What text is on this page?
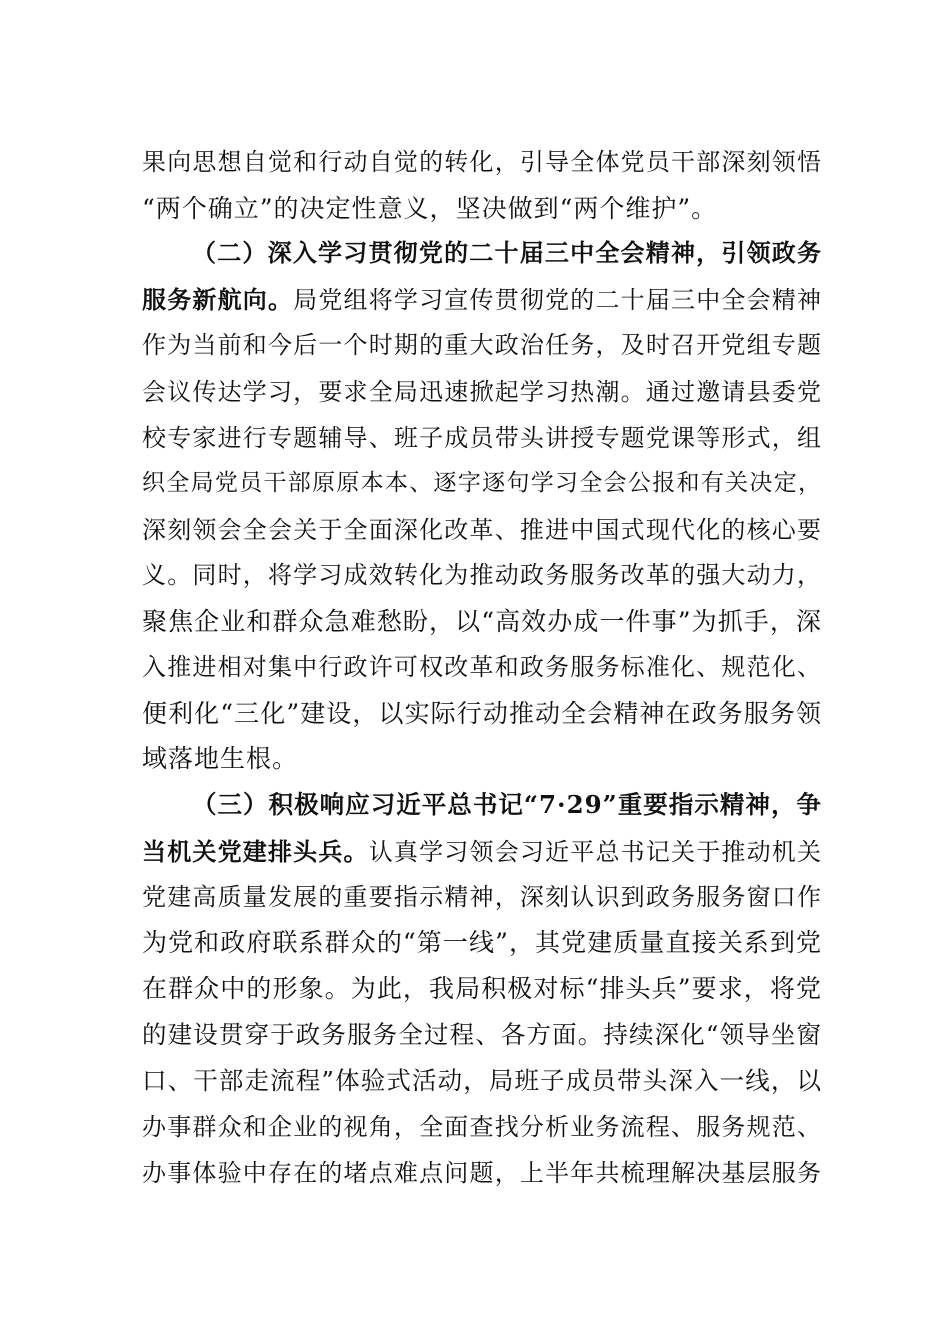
果向思想自觉和行动自觉的转化，引导全体党员干部深刻领悟
“两个确立”的决定性意义，坚决做到“两个维护”。
（二）深入学习贯彻党的二十届三中全会精神，引领政务
服务新航向。局党组将学习宣传贯彻党的二十届三中全会精神
作为当前和今后一个时期的重大政治任务，及时召开党组专题
会议传达学习，要求全局迅速掀起学习热潮。通过邀请县委党
校专家进行专题辅导、班子成员带头讲授专题党课等形式，组
织全局党员干部原原本本、逐字逐句学习全会公报和有关决定，
深刻领会全会关于全面深化改革、推进中国式现代化的核心要
义。同时，将学习成效转化为推动政务服务改革的强大动力，
聚焦企业和群众急难愁盼，以“高效办成一件事”为抓手，深
入推进相对集中行政许可权改革和政务服务标准化、规范化、
便利化“三化”建设，以实际行动推动全会精神在政务服务领
域落地生根。
（三）积极响应习近平总书记“7·29”重要指示精神，争
当机关党建排头兵。认真学习领会习近平总书记关于推动机关
党建高质量发展的重要指示精神，深刻认识到政务服务窗口作
为党和政府联系群众的“第一线”，其党建质量直接关系到党
在群众中的形象。为此，我局积极对标“排头兵”要求，将党
的建设贯穿于政务服务全过程、各方面。持续深化“领导坐窗
口、干部走流程”体验式活动，局班子成员带头深入一线，以
办事群众和企业的视角，全面查找分析业务流程、服务规范、
办事体验中存在的堵点难点问题，上半年共梳理解决基层服务
